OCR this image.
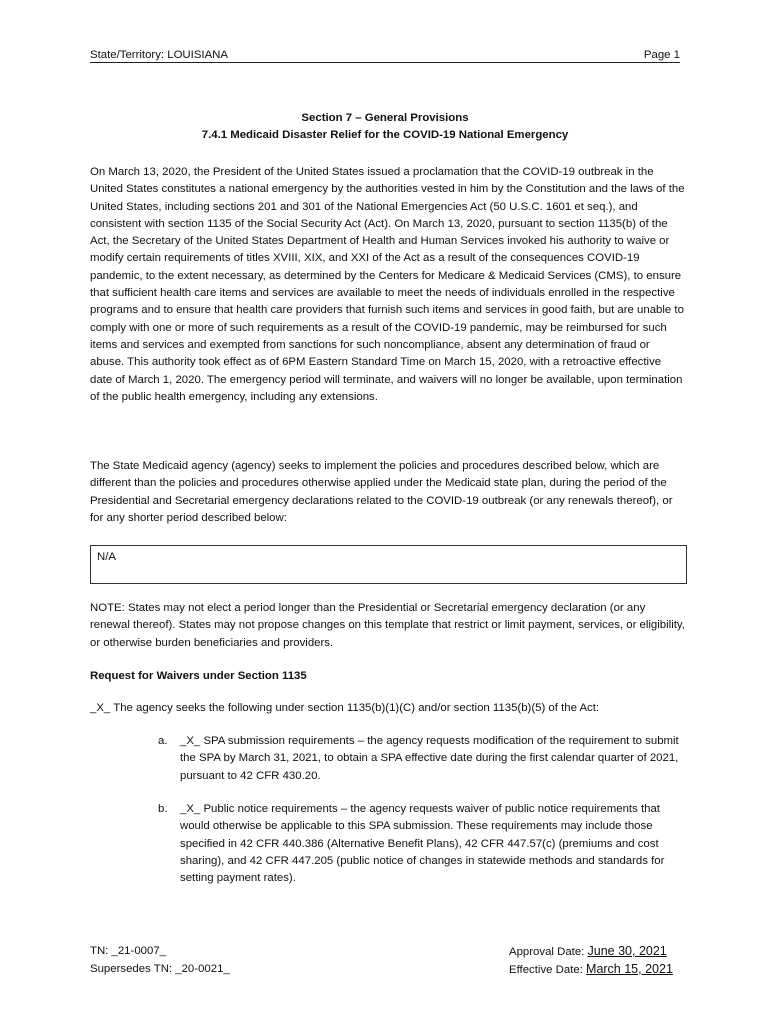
State/Territory: LOUISIANA	Page 1
Section 7 – General Provisions
7.4.1 Medicaid Disaster Relief for the COVID-19 National Emergency

On March 13, 2020, the President of the United States issued a proclamation that the COVID-19 outbreak in the United States constitutes a national emergency by the authorities vested in him by the Constitution and the laws of the United States, including sections 201 and 301 of the National Emergencies Act (50 U.S.C. 1601 et seq.), and consistent with section 1135 of the Social Security Act (Act). On March 13, 2020, pursuant to section 1135(b) of the Act, the Secretary of the United States Department of Health and Human Services invoked his authority to waive or modify certain requirements of titles XVIII, XIX, and XXI of the Act as a result of the consequences COVID-19 pandemic, to the extent necessary, as determined by the Centers for Medicare & Medicaid Services (CMS), to ensure that sufficient health care items and services are available to meet the needs of individuals enrolled in the respective programs and to ensure that health care providers that furnish such items and services in good faith, but are unable to comply with one or more of such requirements as a result of the COVID-19 pandemic, may be reimbursed for such items and services and exempted from sanctions for such noncompliance, absent any determination of fraud or abuse. This authority took effect as of 6PM Eastern Standard Time on March 15, 2020, with a retroactive effective date of March 1, 2020. The emergency period will terminate, and waivers will no longer be available, upon termination of the public health emergency, including any extensions.

The State Medicaid agency (agency) seeks to implement the policies and procedures described below, which are different than the policies and procedures otherwise applied under the Medicaid state plan, during the period of the Presidential and Secretarial emergency declarations related to the COVID-19 outbreak (or any renewals thereof), or for any shorter period described below:

N/A

NOTE: States may not elect a period longer than the Presidential or Secretarial emergency declaration (or any renewal thereof). States may not propose changes on this template that restrict or limit payment, services, or eligibility, or otherwise burden beneficiaries and providers.

Request for Waivers under Section 1135
_X_ The agency seeks the following under section 1135(b)(1)(C) and/or section 1135(b)(5) of the Act:
a. _X_ SPA submission requirements – the agency requests modification of the requirement to submit the SPA by March 31, 2021, to obtain a SPA effective date during the first calendar quarter of 2021, pursuant to 42 CFR 430.20.
b. _X_ Public notice requirements – the agency requests waiver of public notice requirements that would otherwise be applicable to this SPA submission. These requirements may include those specified in 42 CFR 440.386 (Alternative Benefit Plans), 42 CFR 447.57(c) (premiums and cost sharing), and 42 CFR 447.205 (public notice of changes in statewide methods and standards for setting payment rates).
TN: _21-0007_
Supersedes TN: _20-0021_
Approval Date: June 30, 2021
Effective Date: March 15, 2021
